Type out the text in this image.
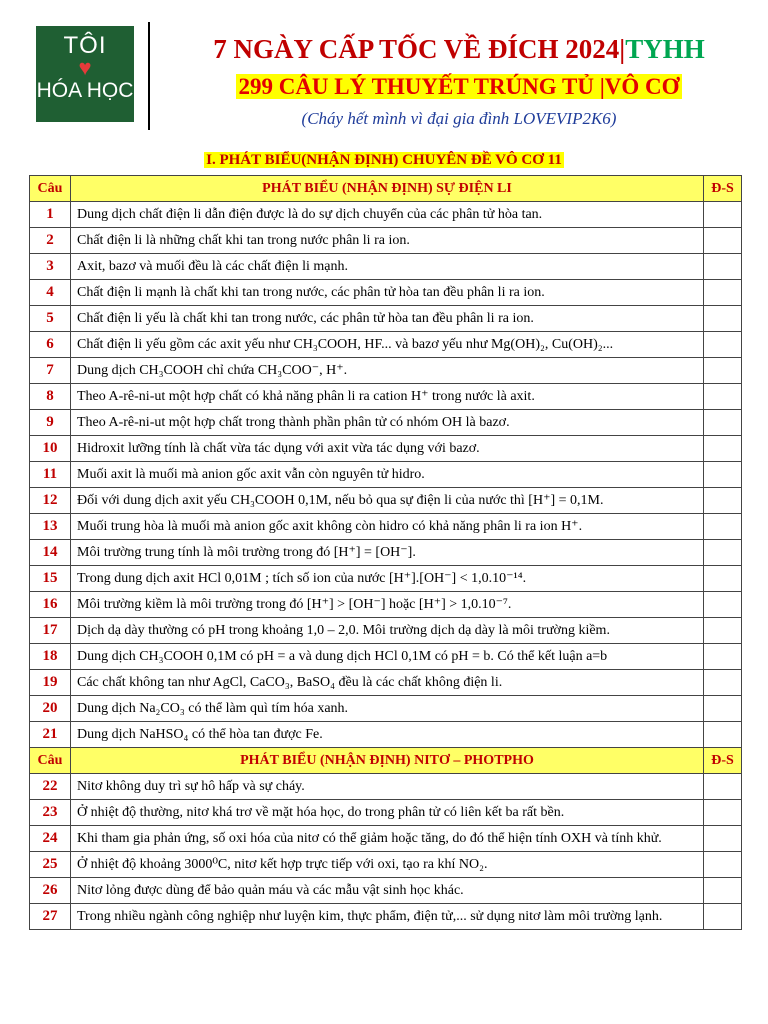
TÔI
♥
HÓA HỌC
7 NGÀY CẤP TỐC VỀ ĐÍCH 2024|TYHH
299 CÂU LÝ THUYẾT TRÚNG TỦ |VÔ CƠ
(Cháy hết mình vì đại gia đình LOVEVIP2K6)
I. PHÁT BIỂU(NHẬN ĐỊNH) CHUYÊN ĐỀ VÔ CƠ 11
Câu	PHÁT BIỂU (NHẬN ĐỊNH) SỰ ĐIỆN LI	Đ-S
1	Dung dịch chất điện li dẫn điện được là do sự dịch chuyển của các phân tử hòa tan.	
2	Chất điện li là những chất khi tan trong nước phân li ra ion.	
3	Axit, bazơ và muối đều là các chất điện li mạnh.	
4	Chất điện li mạnh là chất khi tan trong nước, các phân tử hòa tan đều phân li ra ion.	
5	Chất điện li yếu là chất khi tan trong nước, các phân tử hòa tan đều phân li ra ion.	
6	Chất điện li yếu gồm các axit yếu như CH₃COOH, HF... và bazơ yếu như Mg(OH)₂, Cu(OH)₂...	
7	Dung dịch CH₃COOH chỉ chứa CH₃COO⁻, H⁺.	
8	Theo A-rê-ni-ut một hợp chất có khả năng phân li ra cation H⁺ trong nước là axit.	
9	Theo A-rê-ni-ut một hợp chất trong thành phần phân tử có nhóm OH là bazơ.	
10	Hidroxit lưỡng tính là chất vừa tác dụng với axit vừa tác dụng với bazơ.	
11	Muối axit là muối mà anion gốc axit vẫn còn nguyên tử hidro.	
12	Đối với dung dịch axit yếu CH₃COOH 0,1M, nếu bỏ qua sự điện li của nước thì [H⁺] = 0,1M.	
13	Muối trung hòa là muối mà anion gốc axit không còn hidro có khả năng phân li ra ion H⁺.	
14	Môi trường trung tính là môi trường trong đó [H⁺] = [OH⁻].	
15	Trong dung dịch axit HCl 0,01M ; tích số ion của nước [H⁺].[OH⁻] < 1,0.10⁻¹⁴.	
16	Môi trường kiềm là môi trường trong đó [H⁺] > [OH⁻] hoặc [H⁺] > 1,0.10⁻⁷.	
17	Dịch dạ dày thường có pH trong khoảng 1,0 – 2,0. Môi trường dịch dạ dày là môi trường kiềm.	
18	Dung dịch CH₃COOH 0,1M có pH = a và dung dịch HCl 0,1M có pH = b. Có thể kết luận a=b	
19	Các chất không tan như AgCl, CaCO₃, BaSO₄ đều là các chất không điện li.	
20	Dung dịch Na₂CO₃ có thể làm quì tím hóa xanh.	
21	Dung dịch NaHSO₄ có thể hòa tan được Fe.	
Câu	PHÁT BIỂU (NHẬN ĐỊNH) NITƠ – PHOTPHO	Đ-S
22	Nitơ không duy trì sự hô hấp và sự cháy.	
23	Ở nhiệt độ thường, nitơ khá trơ về mặt hóa học, do trong phân tử có liên kết ba rất bền.	
24	Khi tham gia phản ứng, số oxi hóa của nitơ có thể giảm hoặc tăng, do đó thể hiện tính OXH và tính khử.	
25	Ở nhiệt độ khoảng 3000⁰C, nitơ kết hợp trực tiếp với oxi, tạo ra khí NO₂.	
26	Nitơ lỏng được dùng để bảo quản máu và các mẫu vật sinh học khác.	
27	Trong nhiều ngành công nghiệp như luyện kim, thực phẩm, điện tử,... sử dụng nitơ làm môi trường lạnh.	
